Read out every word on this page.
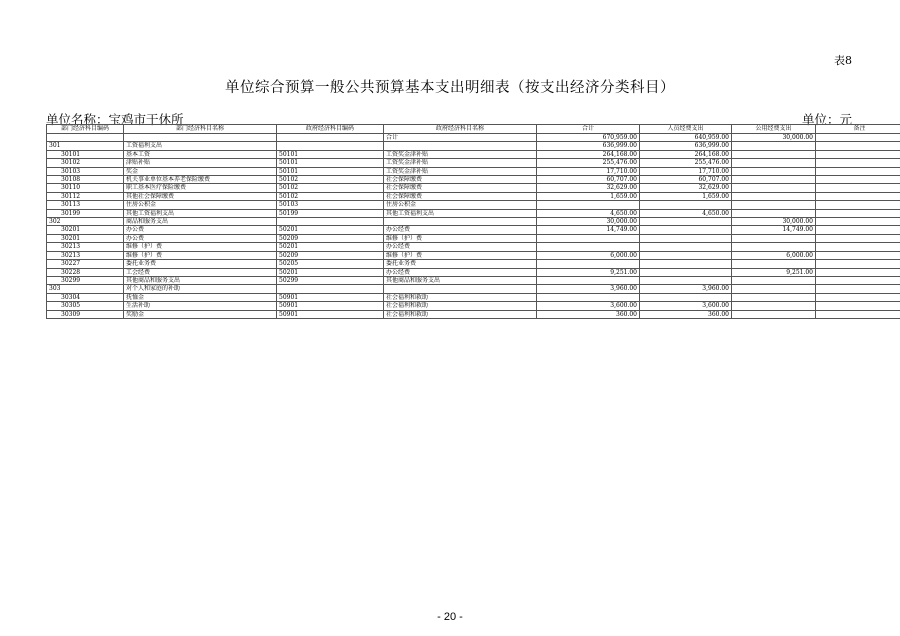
表8
单位综合预算一般公共预算基本支出明细表（按支出经济分类科目）
单位名称：宝鸡市干休所	单位：元
部门经济科目编码	部门经济科目名称	政府经济科目编码	政府经济科目名称	合计	人员经费支出	公用经费支出	备注
			合计	670,959.00	640,959.00	30,000.00	
301	工资福利支出			636,999.00	636,999.00		
30101	基本工资	50101	工资奖金津补贴	264,168.00	264,168.00		
30102	津贴补贴	50101	工资奖金津补贴	255,476.00	255,476.00		
30103	奖金	50101	工资奖金津补贴	17,710.00	17,710.00		
30108	机关事业单位基本养老保险缴费	50102	社会保障缴费	60,707.00	60,707.00		
30110	职工基本医疗保险缴费	50102	社会保障缴费	32,629.00	32,629.00		
30112	其他社会保障缴费	50102	社会保障缴费	1,659.00	1,659.00		
30113	住房公积金	50103	住房公积金				
30199	其他工资福利支出	50199	其他工资福利支出	4,650.00	4,650.00		
302	商品和服务支出			30,000.00		30,000.00	
30201	办公费	50201	办公经费	14,749.00		14,749.00	
30201	办公费	50209	维修（护）费				
30213	维修（护）费	50201	办公经费				
30213	维修（护）费	50209	维修（护）费	6,000.00		6,000.00	
30227	委托业务费	50205	委托业务费				
30228	工会经费	50201	办公经费	9,251.00		9,251.00	
30299	其他商品和服务支出	50299	其他商品和服务支出				
303	对个人和家庭的补助			3,960.00	3,960.00		
30304	抚恤金	50901	社会福利和救助				
30305	生活补助	50901	社会福利和救助	3,600.00	3,600.00		
30309	奖励金	50901	社会福利和救助	360.00	360.00		
- 20 -
